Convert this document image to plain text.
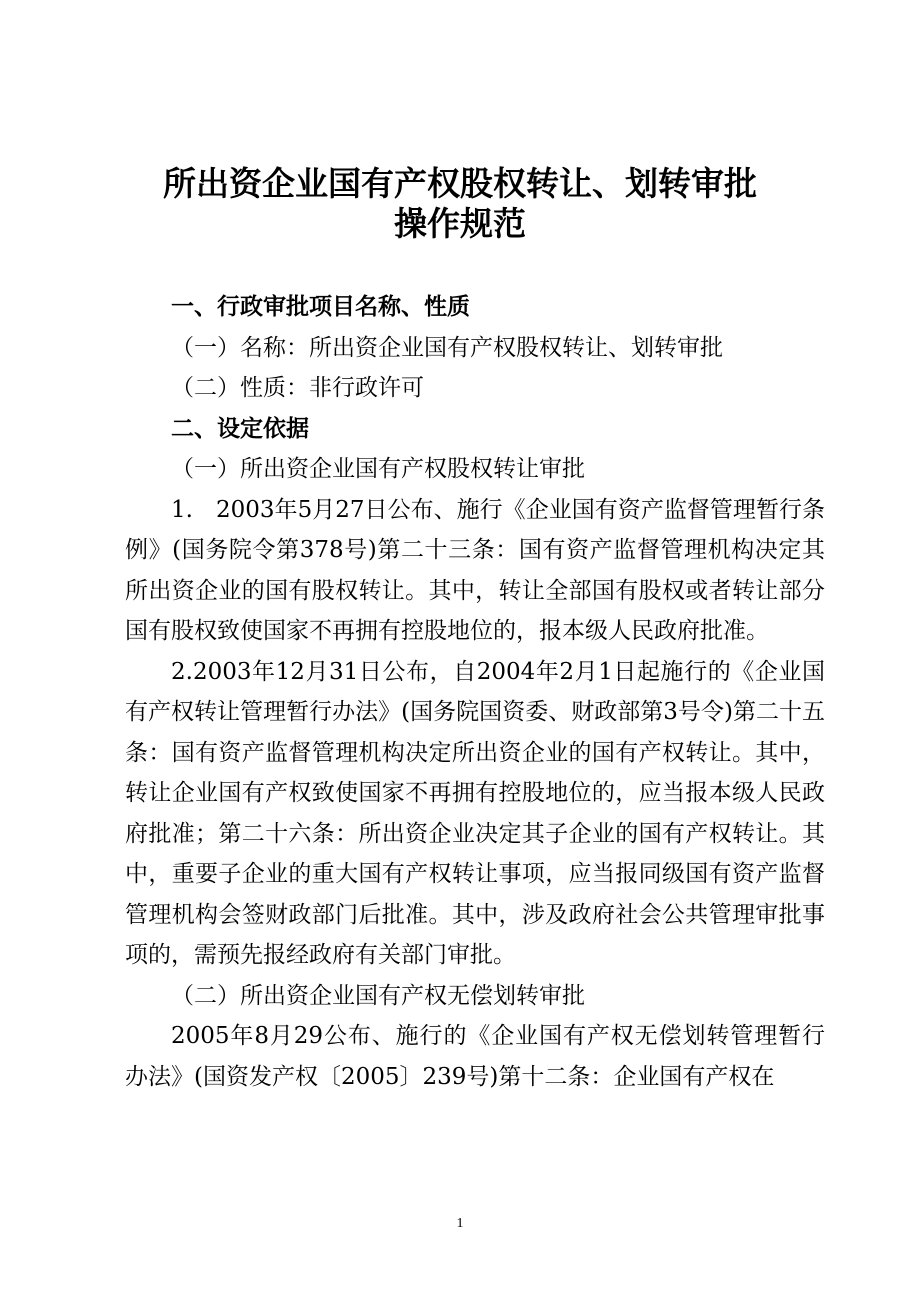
所出资企业国有产权股权转让、划转审批
操作规范

一、行政审批项目名称、性质

（一）名称：所出资企业国有产权股权转让、划转审批

（二）性质：非行政许可

二、设定依据

（一）所出资企业国有产权股权转让审批

1.　2003年5月27日公布、施行《企业国有资产监督管理暂行条例》(国务院令第378号)第二十三条：国有资产监督管理机构决定其所出资企业的国有股权转让。其中，转让全部国有股权或者转让部分国有股权致使国家不再拥有控股地位的，报本级人民政府批准。

2.2003年12月31日公布，自2004年2月1日起施行的《企业国有产权转让管理暂行办法》(国务院国资委、财政部第3号令)第二十五条：国有资产监督管理机构决定所出资企业的国有产权转让。其中，转让企业国有产权致使国家不再拥有控股地位的，应当报本级人民政府批准；第二十六条：所出资企业决定其子企业的国有产权转让。其中，重要子企业的重大国有产权转让事项，应当报同级国有资产监督管理机构会签财政部门后批准。其中，涉及政府社会公共管理审批事项的，需预先报经政府有关部门审批。

（二）所出资企业国有产权无偿划转审批

2005年8月29公布、施行的《企业国有产权无偿划转管理暂行办法》(国资发产权〔2005〕239号)第十二条：企业国有产权在

1
